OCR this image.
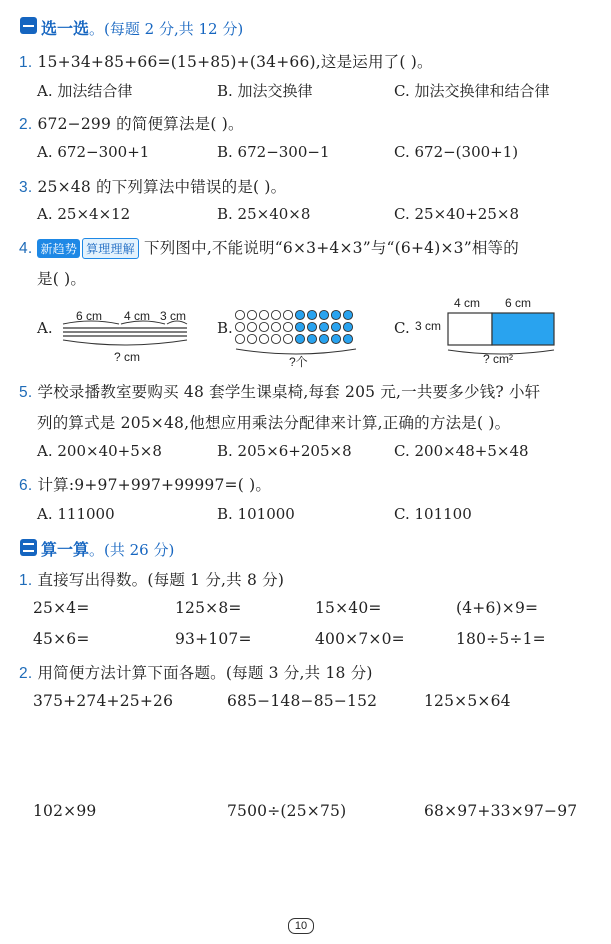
选一选。(每题 2 分,共 12 分)
1. 15+34+85+66=(15+85)+(34+66),这是运用了( )。
A. 加法结合律	B. 加法交换律	C. 加法交换律和结合律
2. 672−299 的简便算法是( )。
A. 672−300+1	B. 672−300−1	C. 672−(300+1)
3. 25×48 的下列算法中错误的是( )。
A. 25×4×12	B. 25×40×8	C. 25×40+25×8
4. 新趋势 算理理解 下列图中,不能说明“6×3+4×3”与“(6+4)×3”相等的
是( )。
A.
6 cm 4 cm 3 cm
? cm
B.
?个
C. 3 cm
4 cm 6 cm
? cm²
5. 学校录播教室要购买 48 套学生课桌椅,每套 205 元,一共要多少钱? 小轩
列的算式是 205×48,他想应用乘法分配律来计算,正确的方法是( )。
A. 200×40+5×8	B. 205×6+205×8	C. 200×48+5×48
6. 计算:9+97+997+99997=( )。
A. 111000	B. 101000	C. 101100
算一算。(共 26 分)
1. 直接写出得数。(每题 1 分,共 8 分)
25×4=	125×8=	15×40=	(4+6)×9=
45×6=	93+107=	400×7×0=	180÷5÷1=
2. 用简便方法计算下面各题。(每题 3 分,共 18 分)
375+274+25+26	685−148−85−152	125×5×64
102×99	7500÷(25×75)	68×97+33×97−97
10
